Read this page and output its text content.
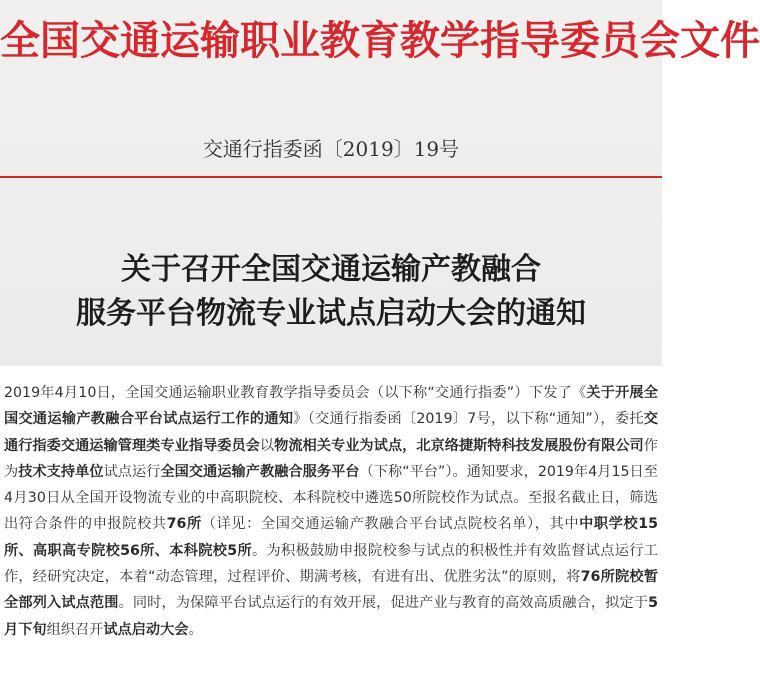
全国交通运输职业教育教学指导委员会文件
交通行指委函〔2019〕19号
关于召开全国交通运输产教融合
服务平台物流专业试点启动大会的通知
2019年4月10日，全国交通运输职业教育教学指导委员会（以下称“交通行指委”）下发了《关于开展全国交通运输产教融合平台试点运行工作的通知》（交通行指委函〔2019〕7号，以下称“通知”），委托交通行指委交通运输管理类专业指导委员会以物流相关专业为试点，北京络捷斯特科技发展股份有限公司作为技术支持单位试点运行全国交通运输产教融合服务平台（下称“平台”）。通知要求，2019年4月15日至4月30日从全国开设物流专业的中高职院校、本科院校中遴选50所院校作为试点。至报名截止日，筛选出符合条件的申报院校共76所（详见：全国交通运输产教融合平台试点院校名单），其中中职学校15所、高职高专院校56所、本科院校5所。为积极鼓励申报院校参与试点的积极性并有效监督试点运行工作，经研究决定，本着“动态管理，过程评价、期满考核，有进有出、优胜劣汰”的原则，将76所院校暂全部列入试点范围。同时，为保障平台试点运行的有效开展，促进产业与教育的高效高质融合，拟定于5月下旬组织召开试点启动大会。
